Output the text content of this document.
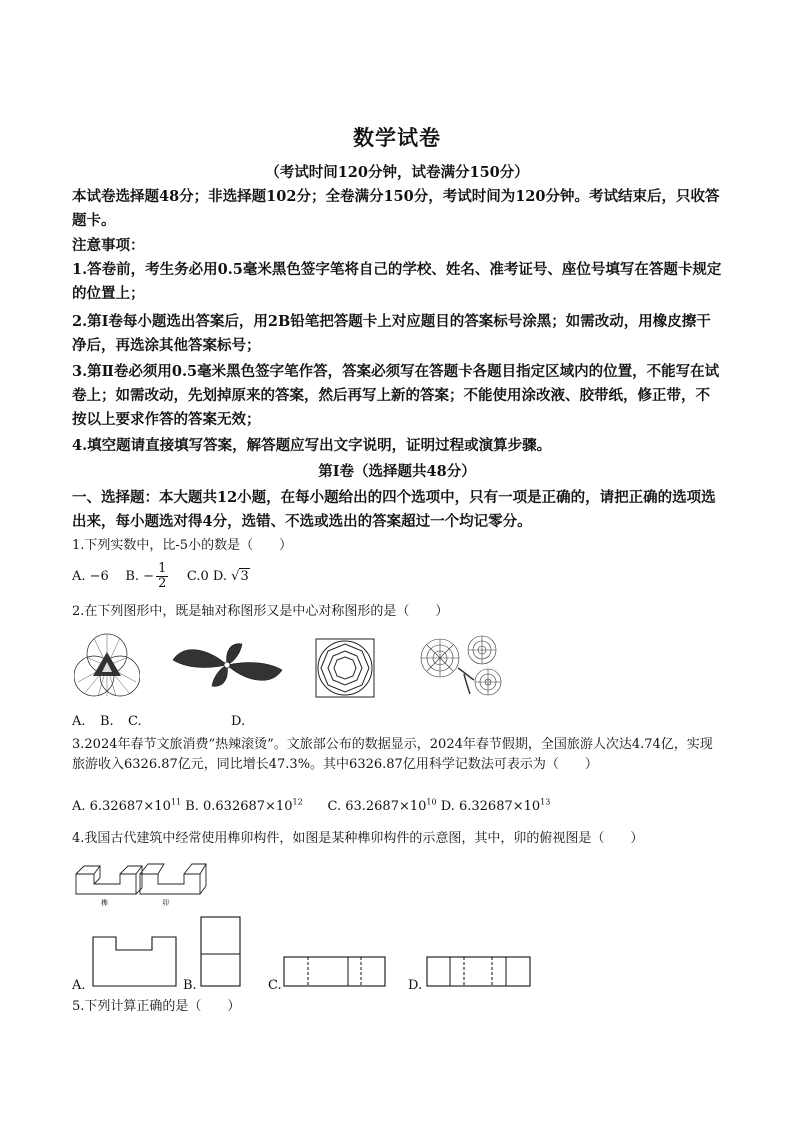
数学试卷
（考试时间120分钟，试卷满分150分）
本试卷选择题48分；非选择题102分；全卷满分150分，考试时间为120分钟。考试结束后，只收答题卡。
注意事项：
1.答卷前，考生务必用0.5毫米黑色签字笔将自己的学校、姓名、准考证号、座位号填写在答题卡规定的位置上；
2.第Ⅰ卷每小题选出答案后，用2B铅笔把答题卡上对应题目的答案标号涂黑；如需改动，用橡皮擦干净后，再选涂其他答案标号；
3.第Ⅱ卷必须用0.5毫米黑色签字笔作答，答案必须写在答题卡各题目指定区域内的位置，不能写在试卷上；如需改动，先划掉原来的答案，然后再写上新的答案；不能使用涂改液、胶带纸，修正带，不按以上要求作答的答案无效；
4.填空题请直接填写答案，解答题应写出文字说明，证明过程或演算步骤。
第Ⅰ卷（选择题共48分）
一、选择题：本大题共12小题，在每小题给出的四个选项中，只有一项是正确的，请把正确的选项选出来，每小题选对得4分，选错、不选或选出的答案超过一个均记零分。
1.下列实数中，比-5小的数是（　　）
A. −6 B. − $\frac{1}{2} C.0$ D. √3
2.在下列图形中，既是轴对称图形又是中心对称图形的是（　　）
A. B. C.	D.
3.2024年春节文旅消费“热辣滚烫”。文旅部公布的数据显示，2024年春节假期，全国旅游人次达4.74亿，实现旅游收入6326.87亿元，同比增长47.3%。其中6326.87亿用科学记数法可表示为（　　）
A. $6.32687\times 10^{11}$ B. $0.632687\times 10^{12}$ C. $63.2687\times 10^{10}$ D. $6.32687\times 10^{13}$
4.我国古代建筑中经常使用榫卯构件，如图是某种榫卯构件的示意图，其中，卯的俯视图是（　　）
榫	卯
A.	B.	C.	D.
5.下列计算正确的是（　　）
